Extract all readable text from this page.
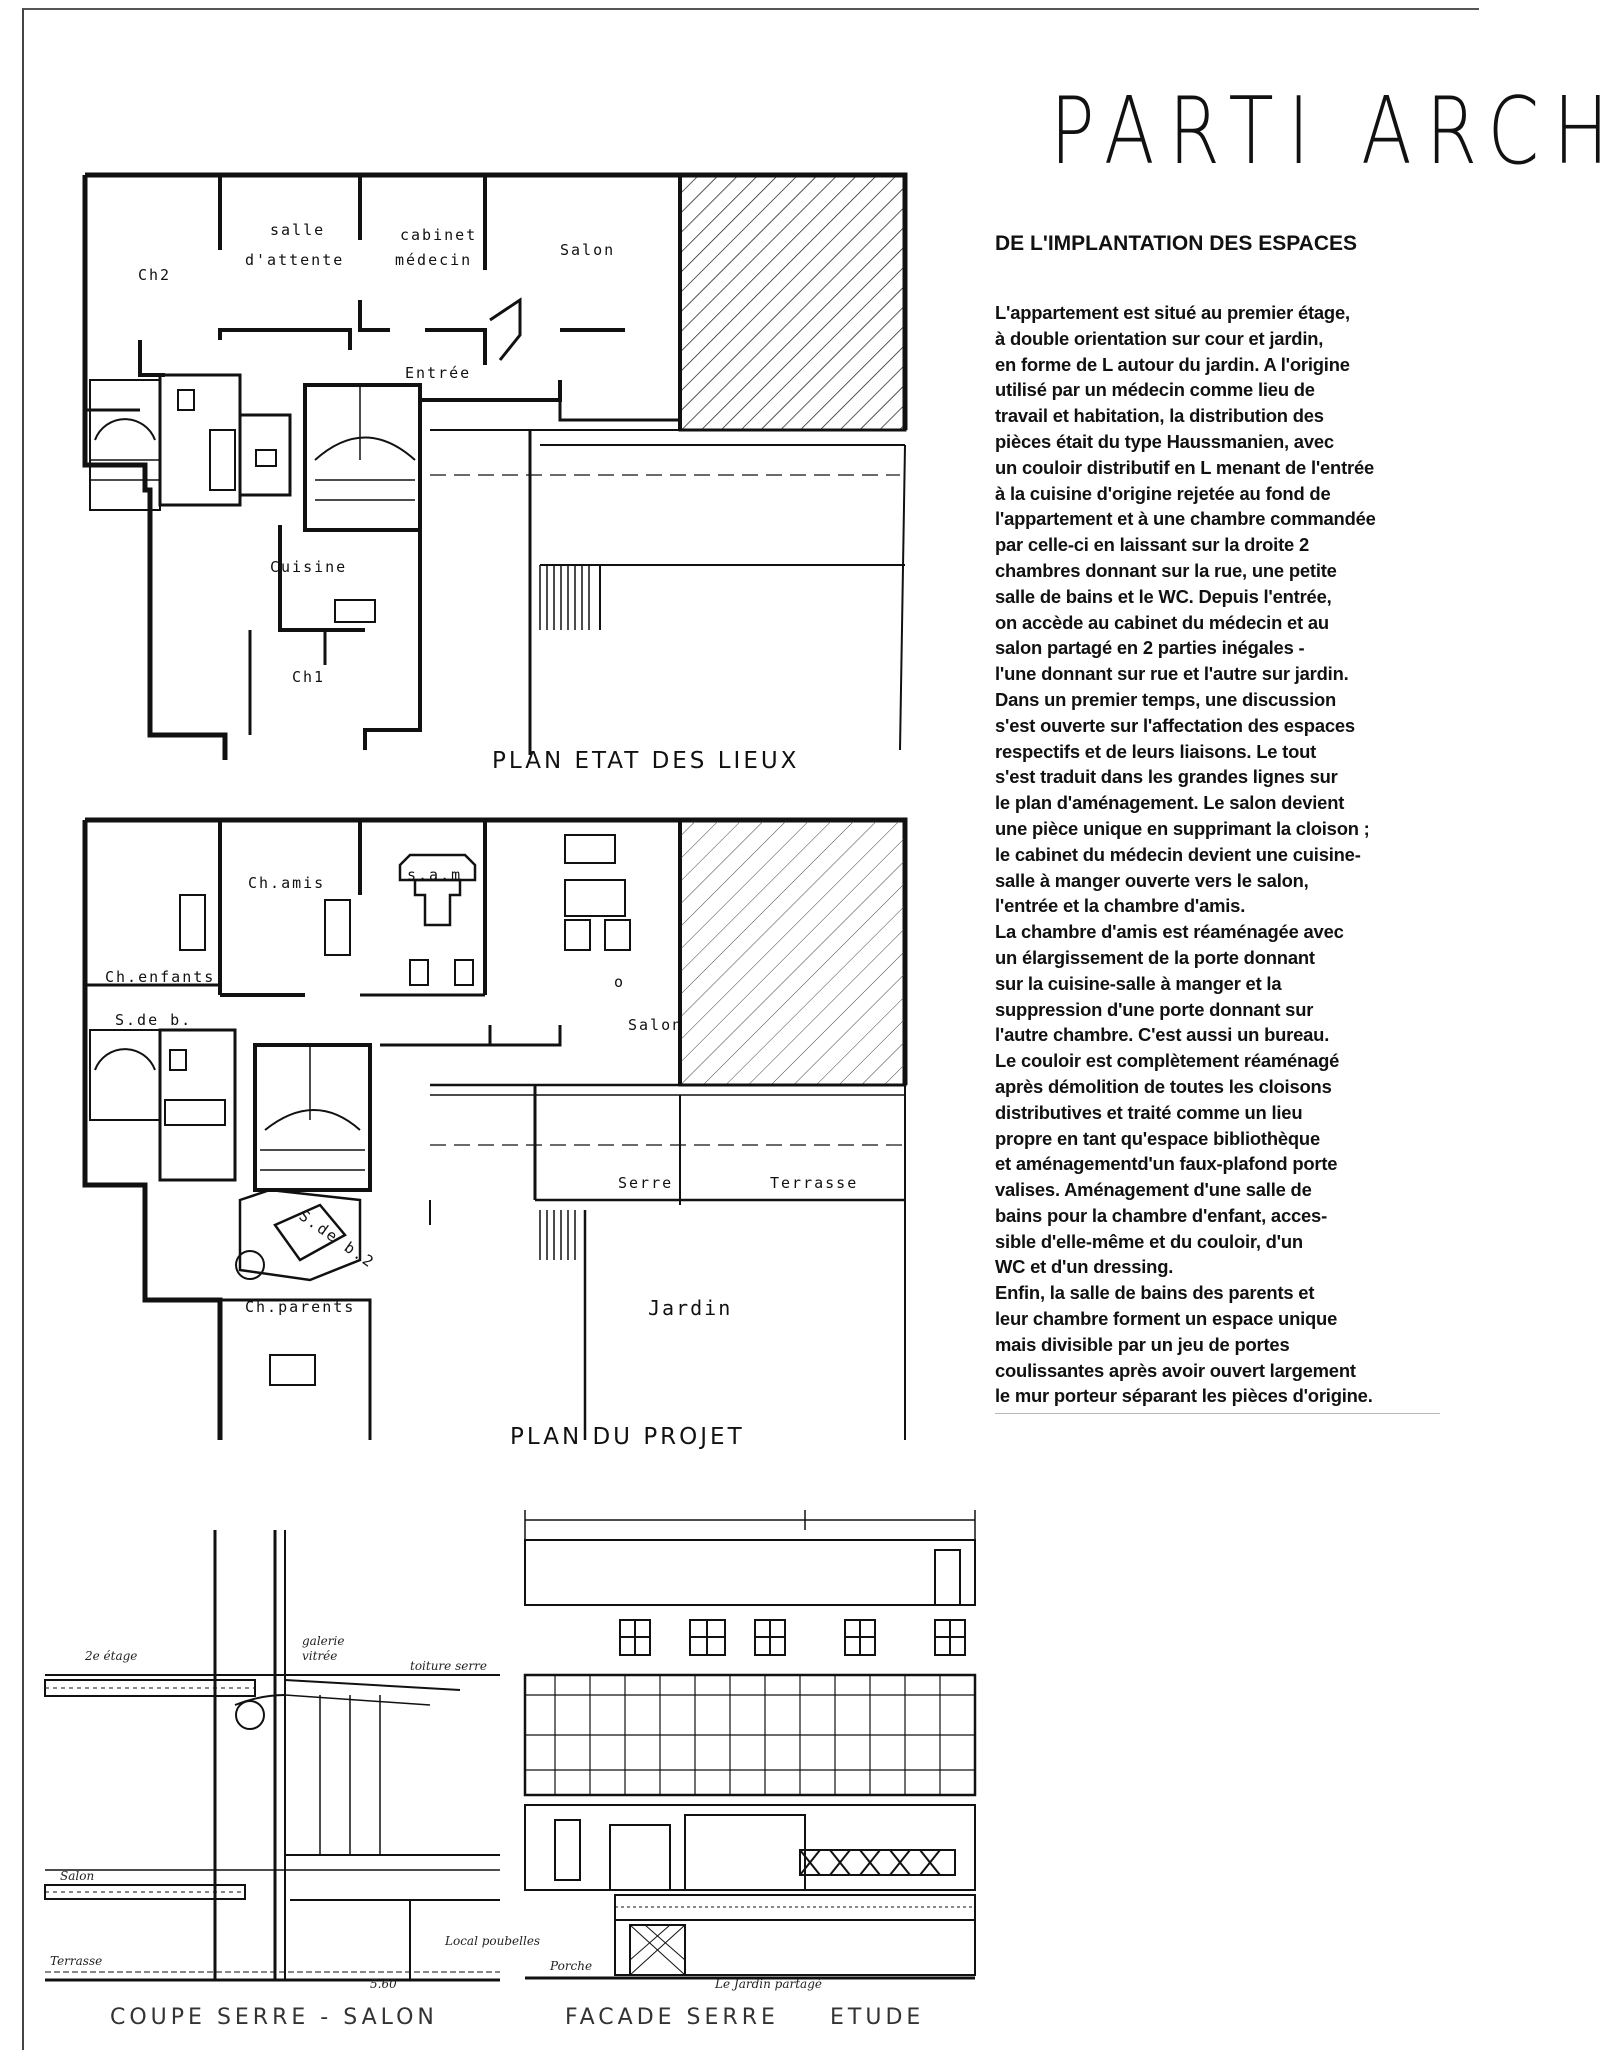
PARTI ARCH
DE L'IMPLANTATION DES ESPACES
L'appartement est situé au premier étage,
à double orientation sur cour et jardin,
en forme de L autour du jardin. A l'origine
utilisé par un médecin comme lieu de
travail et habitation, la distribution des
pièces était du type Haussmanien, avec
un couloir distributif en L menant de l'entrée
à la cuisine d'origine rejetée au fond de
l'appartement et à une chambre commandée
par celle-ci en laissant sur la droite 2
chambres donnant sur la rue, une petite
salle de bains et le WC. Depuis l'entrée,
on accède au cabinet du médecin et au
salon partagé en 2 parties inégales -
l'une donnant sur rue et l'autre sur jardin.
Dans un premier temps, une discussion
s'est ouverte sur l'affectation des espaces
respectifs et de leurs liaisons. Le tout
s'est traduit dans les grandes lignes sur
le plan d'aménagement. Le salon devient
une pièce unique en supprimant la cloison ;
le cabinet du médecin devient une cuisine-
salle à manger ouverte vers le salon,
l'entrée et la chambre d'amis.
La chambre d'amis est réaménagée avec
un élargissement de la porte donnant
sur la cuisine-salle à manger et la
suppression d'une porte donnant sur
l'autre chambre. C'est aussi un bureau.
Le couloir est complètement réaménagé
après démolition de toutes les cloisons
distributives et traité comme un lieu
propre en tant qu'espace bibliothèque
et aménagementd'un faux-plafond porte
valises. Aménagement d'une salle de
bains pour la chambre d'enfant, acces-
sible d'elle-même et du couloir, d'un
WC et d'un dressing.
Enfin, la salle de bains des parents et
leur chambre forment un espace unique
mais divisible par un jeu de portes
coulissantes après avoir ouvert largement
le mur porteur séparant les pièces d'origine.
Ch2
salle
d'attente
cabinet
médecin
Salon
Entrée
Cuisine
Ch1
PLAN ETAT DES LIEUX
Ch.amis	s.a.m
Ch.enfants
S.de b.	Salon
o
Serre	Terrasse
S.de b.2
Ch.parents	Jardin
PLAN DU PROJET
2e étage
galerie
vitrée
toiture serre
Salon
Terrasse
Local poubelles
5.60
COUPE SERRE - SALON
Porche
Le Jardin partagé
FACADE SERRE ETUDE
